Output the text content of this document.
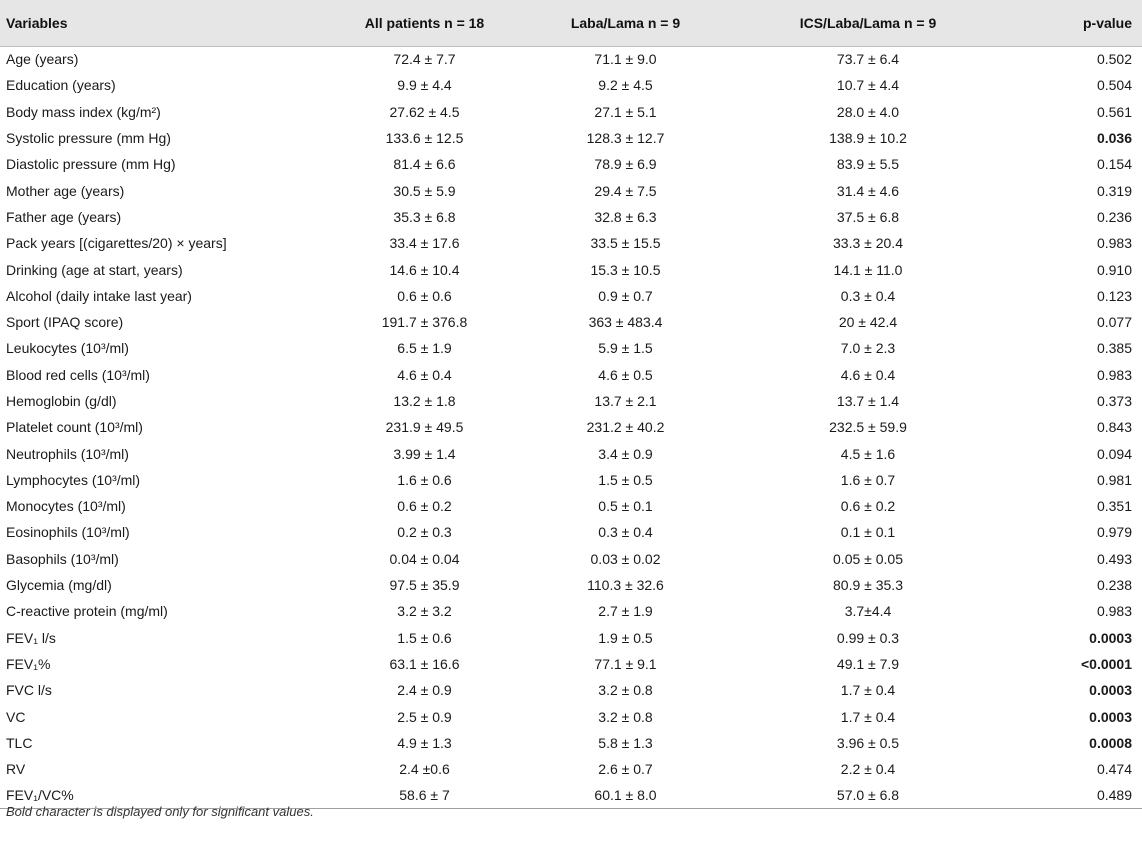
Variables	All patients n = 18	Laba/Lama n = 9	ICS/Laba/Lama n = 9	p-value
Age (years)	72.4 ± 7.7	71.1 ± 9.0	73.7 ± 6.4	0.502
Education (years)	9.9 ± 4.4	9.2 ± 4.5	10.7 ± 4.4	0.504
Body mass index (kg/m²)	27.62 ± 4.5	27.1 ± 5.1	28.0 ± 4.0	0.561
Systolic pressure (mm Hg)	133.6 ± 12.5	128.3 ± 12.7	138.9 ± 10.2	0.036
Diastolic pressure (mm Hg)	81.4 ± 6.6	78.9 ± 6.9	83.9 ± 5.5	0.154
Mother age (years)	30.5 ± 5.9	29.4 ± 7.5	31.4 ± 4.6	0.319
Father age (years)	35.3 ± 6.8	32.8 ± 6.3	37.5 ± 6.8	0.236
Pack years [(cigarettes/20) × years]	33.4 ± 17.6	33.5 ± 15.5	33.3 ± 20.4	0.983
Drinking (age at start, years)	14.6 ± 10.4	15.3 ± 10.5	14.1 ± 11.0	0.910
Alcohol (daily intake last year)	0.6 ± 0.6	0.9 ± 0.7	0.3 ± 0.4	0.123
Sport (IPAQ score)	191.7 ± 376.8	363 ± 483.4	20 ± 42.4	0.077
Leukocytes (10³/ml)	6.5 ± 1.9	5.9 ± 1.5	7.0 ± 2.3	0.385
Blood red cells (10³/ml)	4.6 ± 0.4	4.6 ± 0.5	4.6 ± 0.4	0.983
Hemoglobin (g/dl)	13.2 ± 1.8	13.7 ± 2.1	13.7 ± 1.4	0.373
Platelet count (10³/ml)	231.9 ± 49.5	231.2 ± 40.2	232.5 ± 59.9	0.843
Neutrophils (10³/ml)	3.99 ± 1.4	3.4 ± 0.9	4.5 ± 1.6	0.094
Lymphocytes (10³/ml)	1.6 ± 0.6	1.5 ± 0.5	1.6 ± 0.7	0.981
Monocytes (10³/ml)	0.6 ± 0.2	0.5 ± 0.1	0.6 ± 0.2	0.351
Eosinophils (10³/ml)	0.2 ± 0.3	0.3 ± 0.4	0.1 ± 0.1	0.979
Basophils (10³/ml)	0.04 ± 0.04	0.03 ± 0.02	0.05 ± 0.05	0.493
Glycemia (mg/dl)	97.5 ± 35.9	110.3 ± 32.6	80.9 ± 35.3	0.238
C-reactive protein (mg/ml)	3.2 ± 3.2	2.7 ± 1.9	3.7±4.4	0.983
FEV₁ l/s	1.5 ± 0.6	1.9 ± 0.5	0.99 ± 0.3	0.0003
FEV₁%	63.1 ± 16.6	77.1 ± 9.1	49.1 ± 7.9	<0.0001
FVC l/s	2.4 ± 0.9	3.2 ± 0.8	1.7 ± 0.4	0.0003
VC	2.5 ± 0.9	3.2 ± 0.8	1.7 ± 0.4	0.0003
TLC	4.9 ± 1.3	5.8 ± 1.3	3.96 ± 0.5	0.0008
RV	2.4 ±0.6	2.6 ± 0.7	2.2 ± 0.4	0.474
FEV₁/VC%	58.6 ± 7	60.1 ± 8.0	57.0 ± 6.8	0.489
Bold character is displayed only for significant values.
